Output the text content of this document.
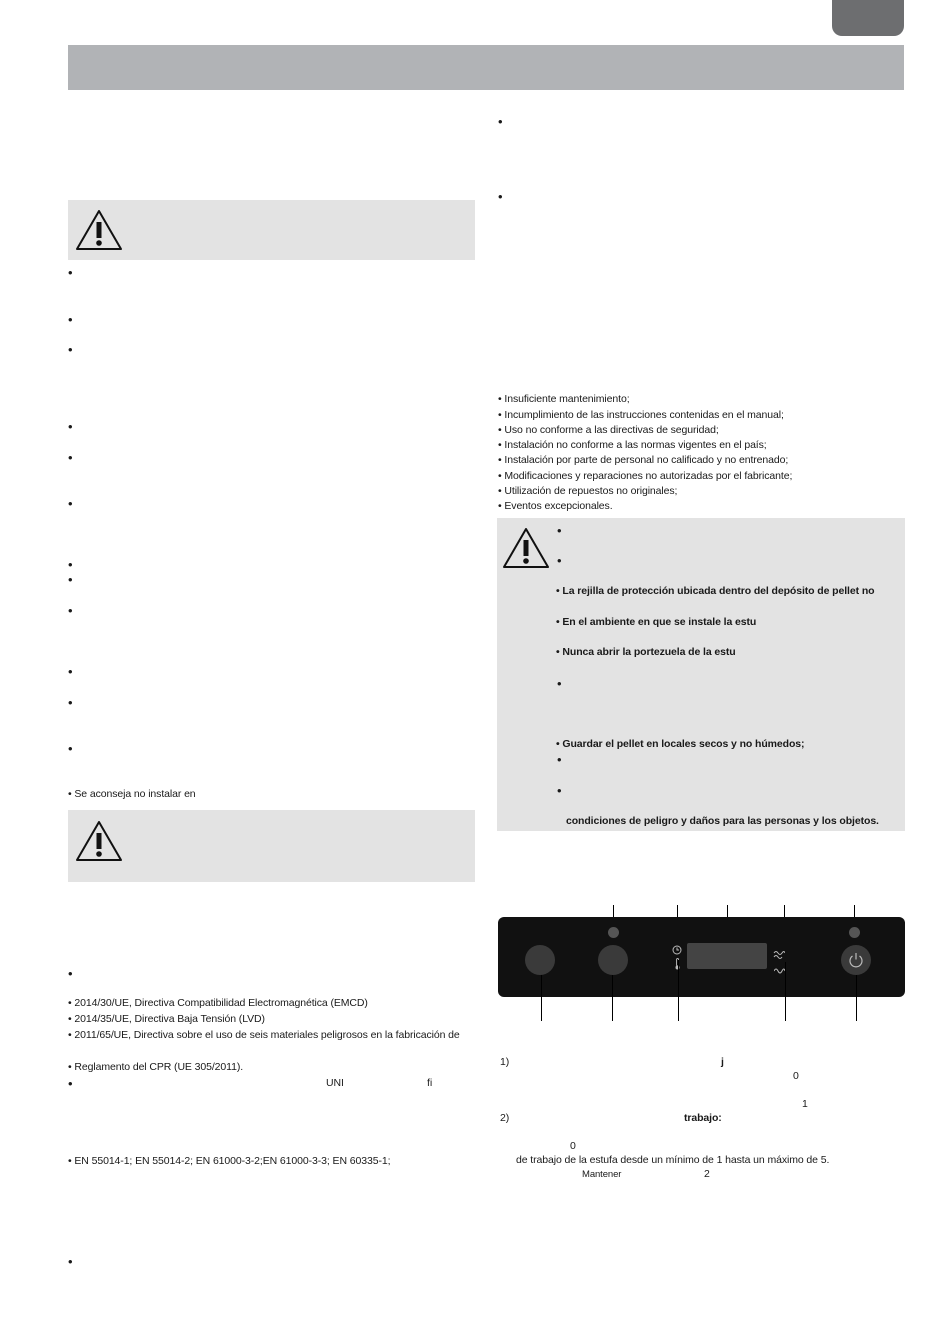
•
•
•
•
•
•
•
•
•
•
•
•
• Se aconseja no instalar en
•
• 2014/30/UE, Directiva Compatibilidad Electromagnética (EMCD)
• 2014/35/UE, Directiva Baja Tensión (LVD)
• 2011/65/UE, Directiva sobre el uso de seis materiales peligrosos en la fabricación de
• Reglamento del CPR (UE 305/2011).
•	UNI	ﬁ
• EN 55014-1; EN 55014-2; EN 61000-3-2;EN 61000-3-3; EN 60335-1;
•
•
•
• Insuficiente mantenimiento;
• Incumplimiento de las instrucciones contenidas en el manual;
• Uso no conforme a las directivas de seguridad;
• Instalación no conforme a las normas vigentes en el país;
• Instalación por parte de personal no calificado y no entrenado;
• Modificaciones y reparaciones no autorizadas por el fabricante;
• Utilización de repuestos no originales;
• Eventos excepcionales.
•
•
• La rejilla de protección ubicada dentro del depósito de pellet no
• En el ambiente en que se instale la estu
• Nunca abrir la portezuela de la estu
•
• Guardar el pellet en locales secos y no húmedos;
•
•
condiciones de peligro y daños para las personas y los objetos.
1)	j
0
1
2)	trabajo:
0
de trabajo de la estufa desde un mínimo de 1 hasta un máximo de 5.
Mantener	2
